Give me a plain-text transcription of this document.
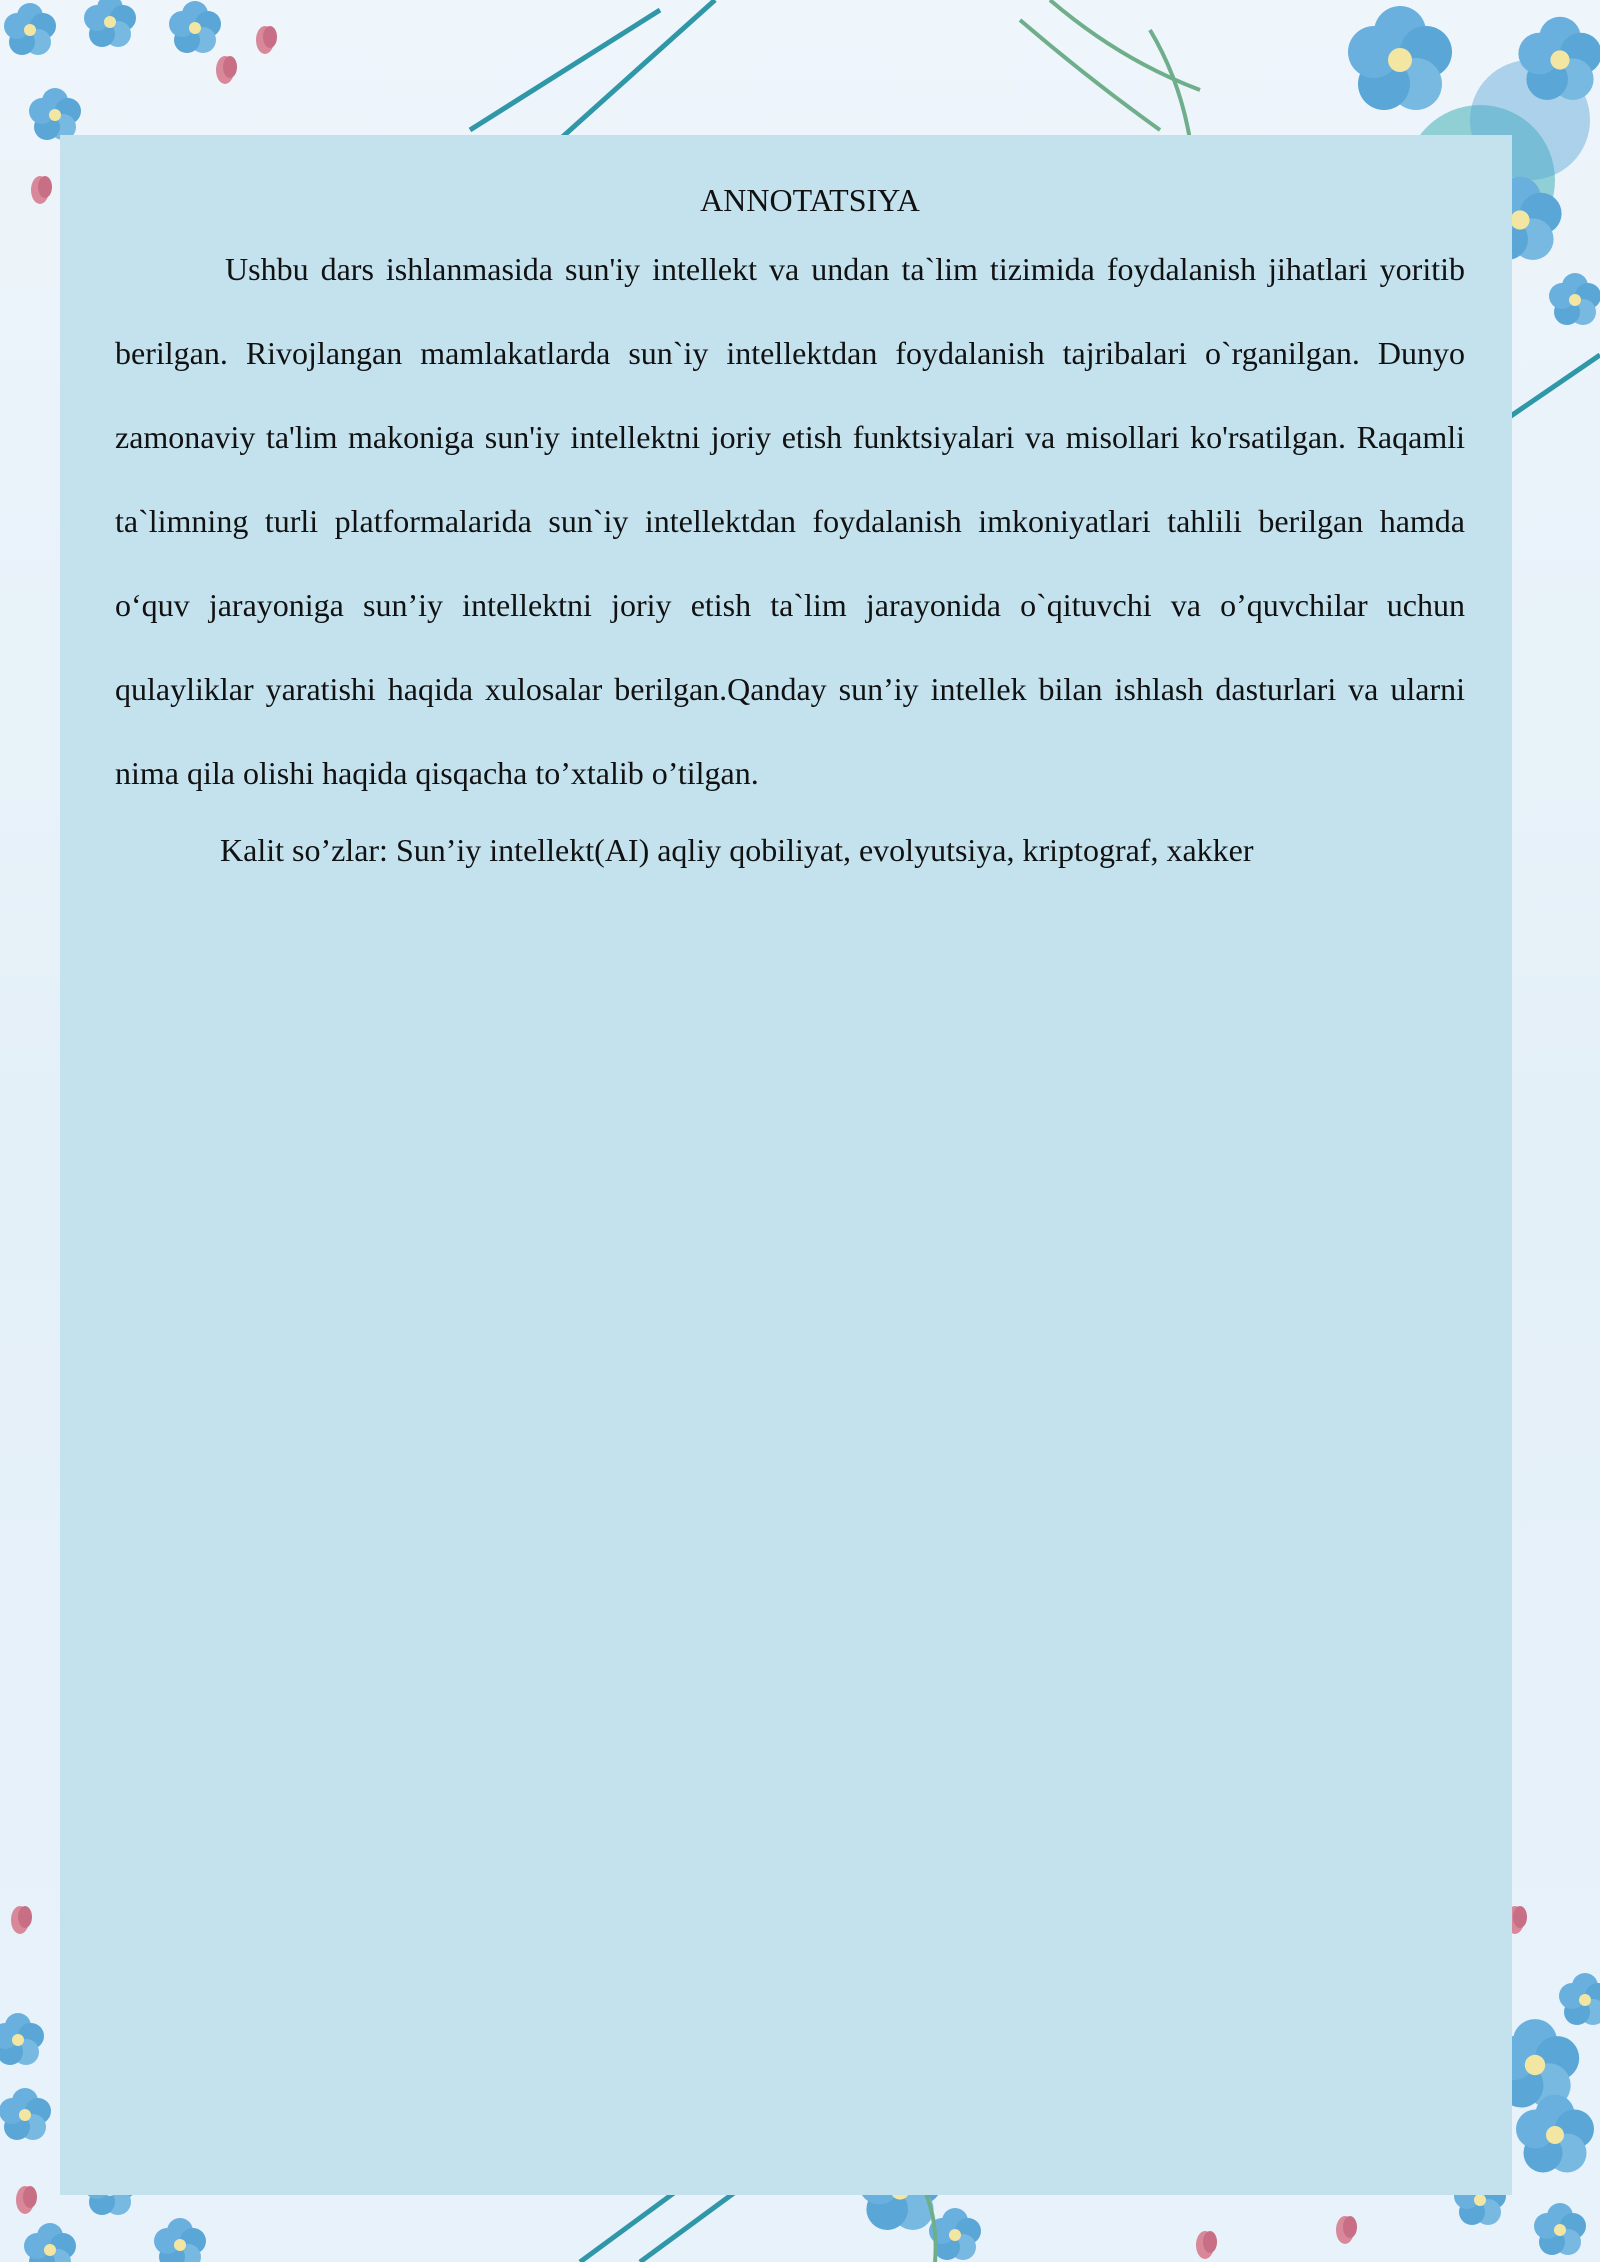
ANNOTATSIYA

Ushbu dars ishlanmasida sun'iy intellekt va undan ta`lim tizimida foydalanish jihatlari yoritib berilgan. Rivojlangan mamlakatlarda sun`iy intellektdan foydalanish tajribalari o`rganilgan. Dunyo zamonaviy ta'lim makoniga sun'iy intellektni joriy etish funktsiyalari va misollari ko'rsatilgan. Raqamli ta`limning turli platformalarida sun`iy intellektdan foydalanish imkoniyatlari tahlili berilgan hamda o‘quv jarayoniga sun’iy intellektni joriy etish ta`lim jarayonida o`qituvchi va o’quvchilar uchun qulayliklar yaratishi haqida xulosalar berilgan.Qanday sun’iy intellek bilan ishlash dasturlari va ularni nima qila olishi haqida qisqacha to’xtalib o’tilgan.

Kalit so’zlar: Sun’iy intellekt(AI) aqliy qobiliyat, evolyutsiya, kriptograf, xakker
